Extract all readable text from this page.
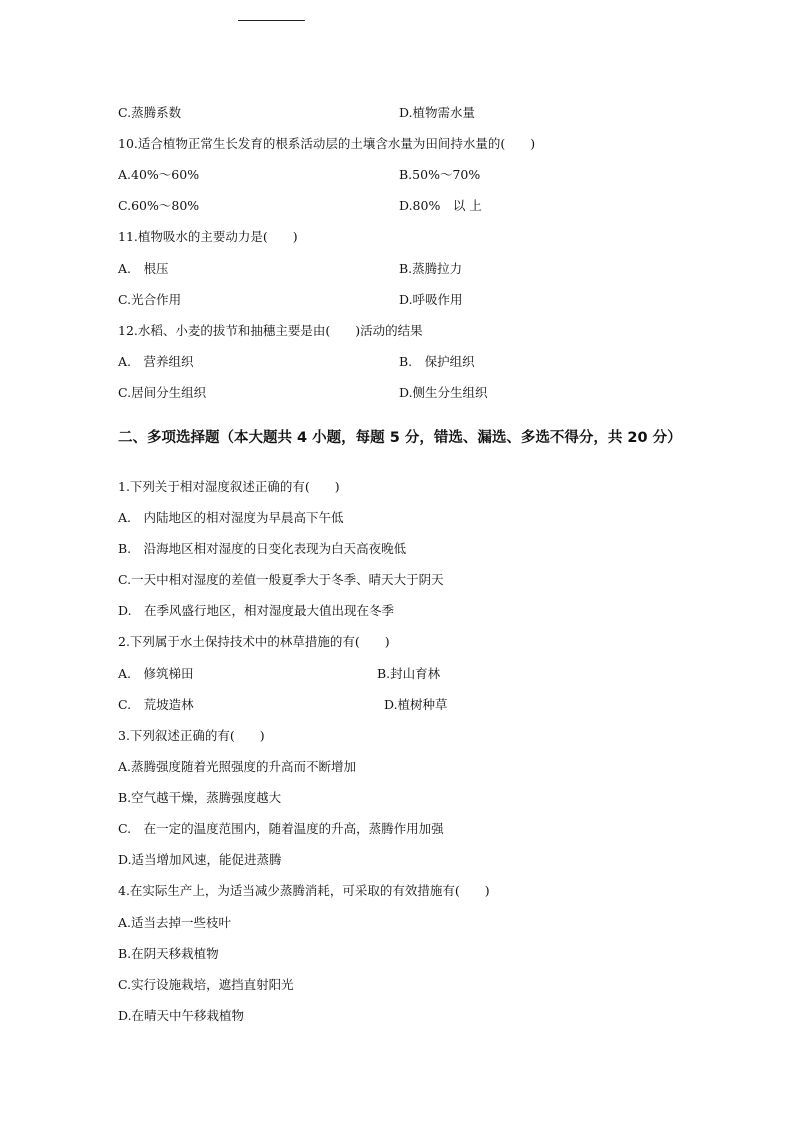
C.蒸腾系数	D.植物需水量
10.适合植物正常生长发育的根系活动层的土壤含水量为田间持水量的(　　)
A.40%～60%	B.50%～70%
C.60%～80%	D.80%　以 上
11.植物吸水的主要动力是(　　)
A.　根压	B.蒸腾拉力
C.光合作用	D.呼吸作用
12.水稻、小麦的拔节和抽穗主要是由(　　)活动的结果
A.　营养组织	B.　保护组织
C.居间分生组织	D.侧生分生组织
二、多项选择题（本大题共 4 小题，每题 5 分，错选、漏选、多选不得分，共 20 分）
1.下列关于相对湿度叙述正确的有(　　)
A.　内陆地区的相对湿度为早晨高下午低
B.　沿海地区相对湿度的日变化表现为白天高夜晚低
C.一天中相对湿度的差值一般夏季大于冬季、晴天大于阴天
D.　在季风盛行地区，相对湿度最大值出现在冬季
2.下列属于水土保持技术中的林草措施的有(　　)
A.　修筑梯田	B.封山育林
C.　荒坡造林	D.植树种草
3.下列叙述正确的有(　　)
A.蒸腾强度随着光照强度的升高而不断增加
B.空气越干燥，蒸腾强度越大
C.　在一定的温度范围内，随着温度的升高，蒸腾作用加强
D.适当增加风速，能促进蒸腾
4.在实际生产上，为适当减少蒸腾消耗，可采取的有效措施有(　　)
A.适当去掉一些枝叶
B.在阴天移栽植物
C.实行设施栽培，遮挡直射阳光
D.在晴天中午移栽植物
